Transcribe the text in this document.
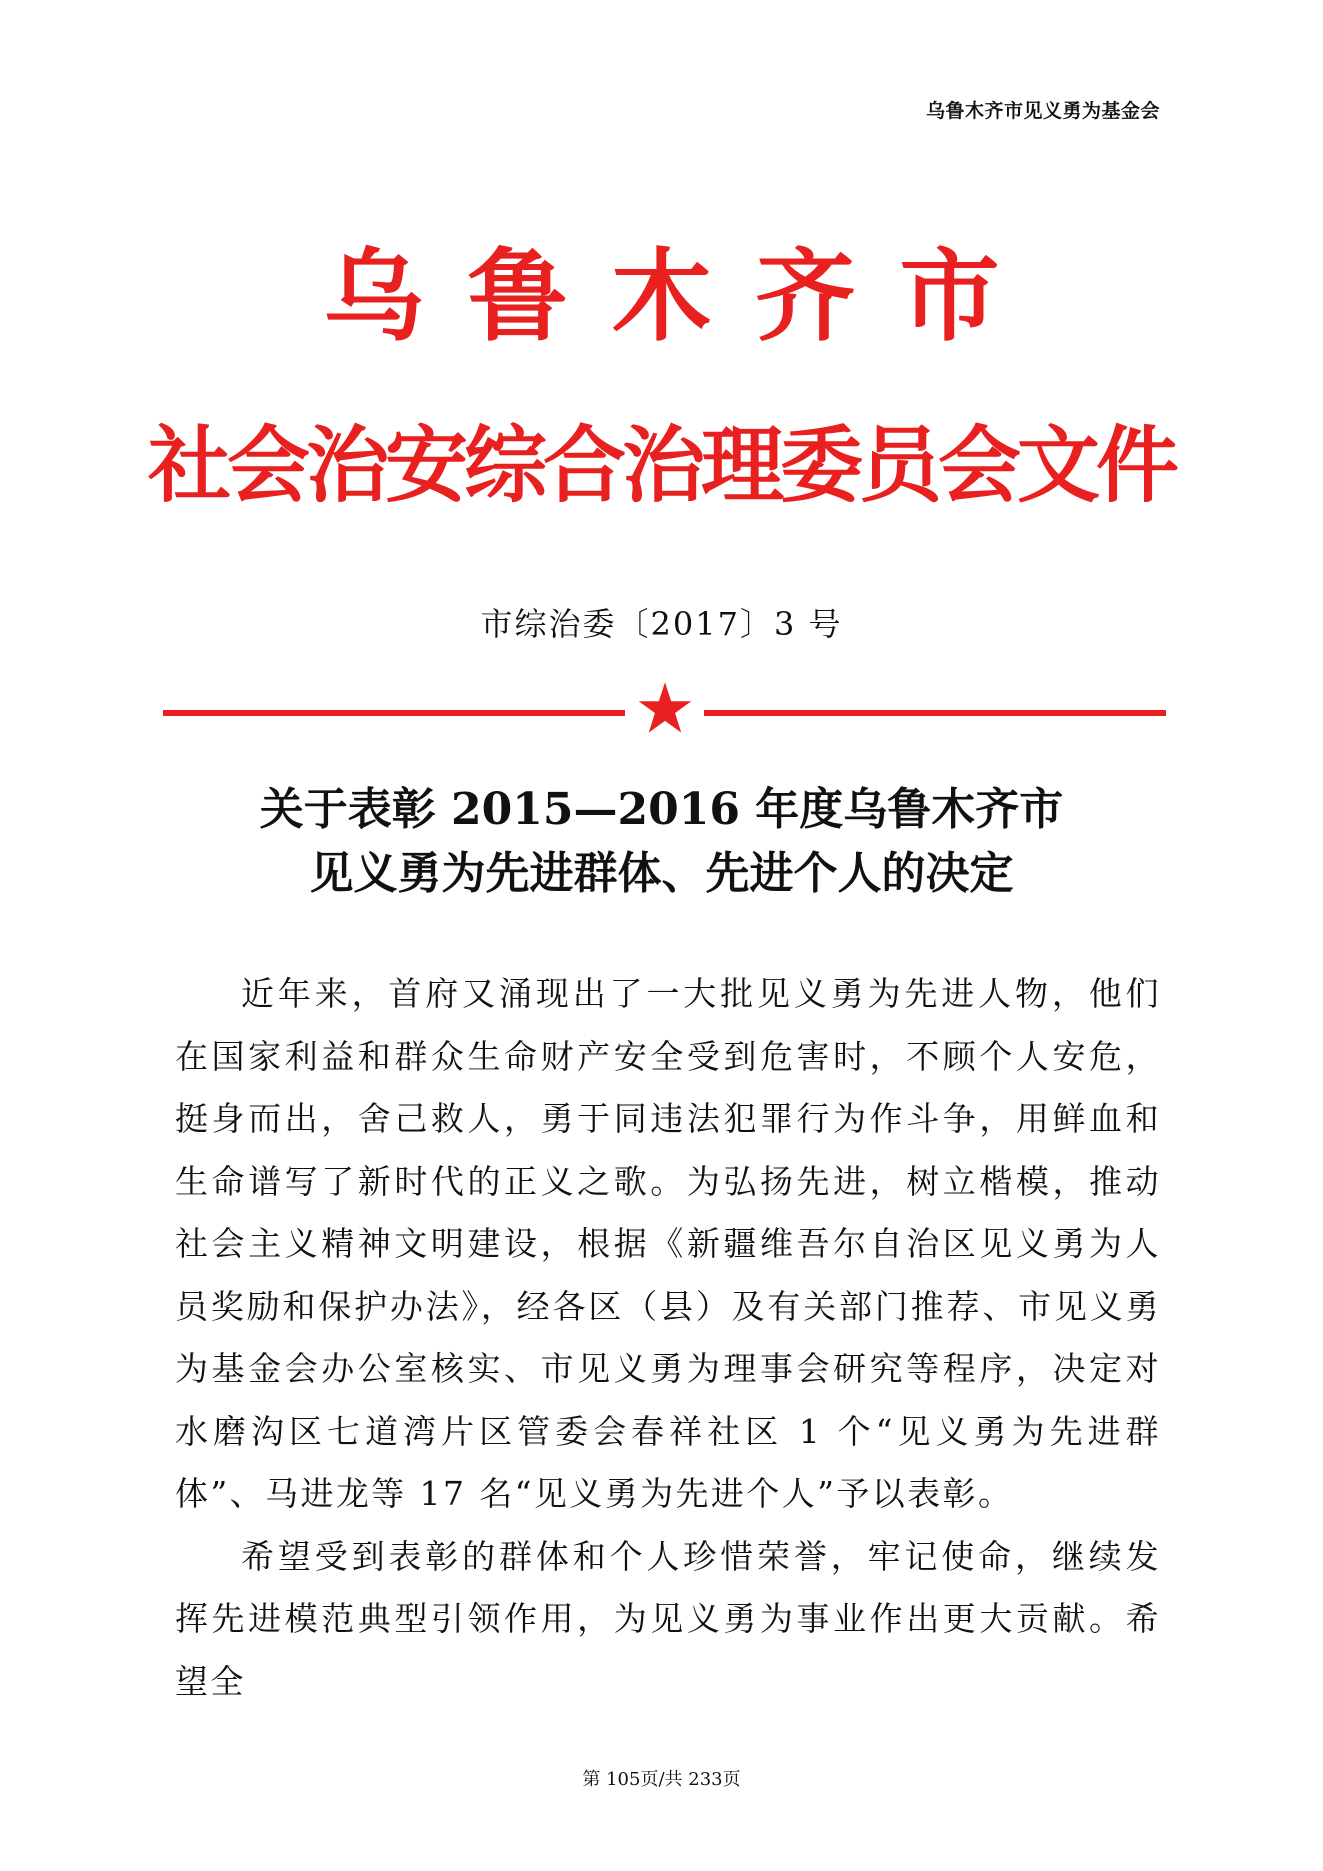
乌鲁木齐市见义勇为基金会
乌鲁木齐市
社会治安综合治理委员会文件
市综治委〔2017〕3 号
关于表彰 2015—2016 年度乌鲁木齐市
见义勇为先进群体、先进个人的决定

近年来，首府又涌现出了一大批见义勇为先进人物，他们在国家利益和群众生命财产安全受到危害时，不顾个人安危，挺身而出，舍己救人，勇于同违法犯罪行为作斗争，用鲜血和生命谱写了新时代的正义之歌。为弘扬先进，树立楷模，推动社会主义精神文明建设，根据《新疆维吾尔自治区见义勇为人员奖励和保护办法》，经各区（县）及有关部门推荐、市见义勇为基金会办公室核实、市见义勇为理事会研究等程序，决定对水磨沟区七道湾片区管委会春祥社区 1 个“见义勇为先进群体”、马进龙等 17 名“见义勇为先进个人”予以表彰。

希望受到表彰的群体和个人珍惜荣誉，牢记使命，继续发挥先进模范典型引领作用，为见义勇为事业作出更大贡献。希望全

第 105页/共 233页
